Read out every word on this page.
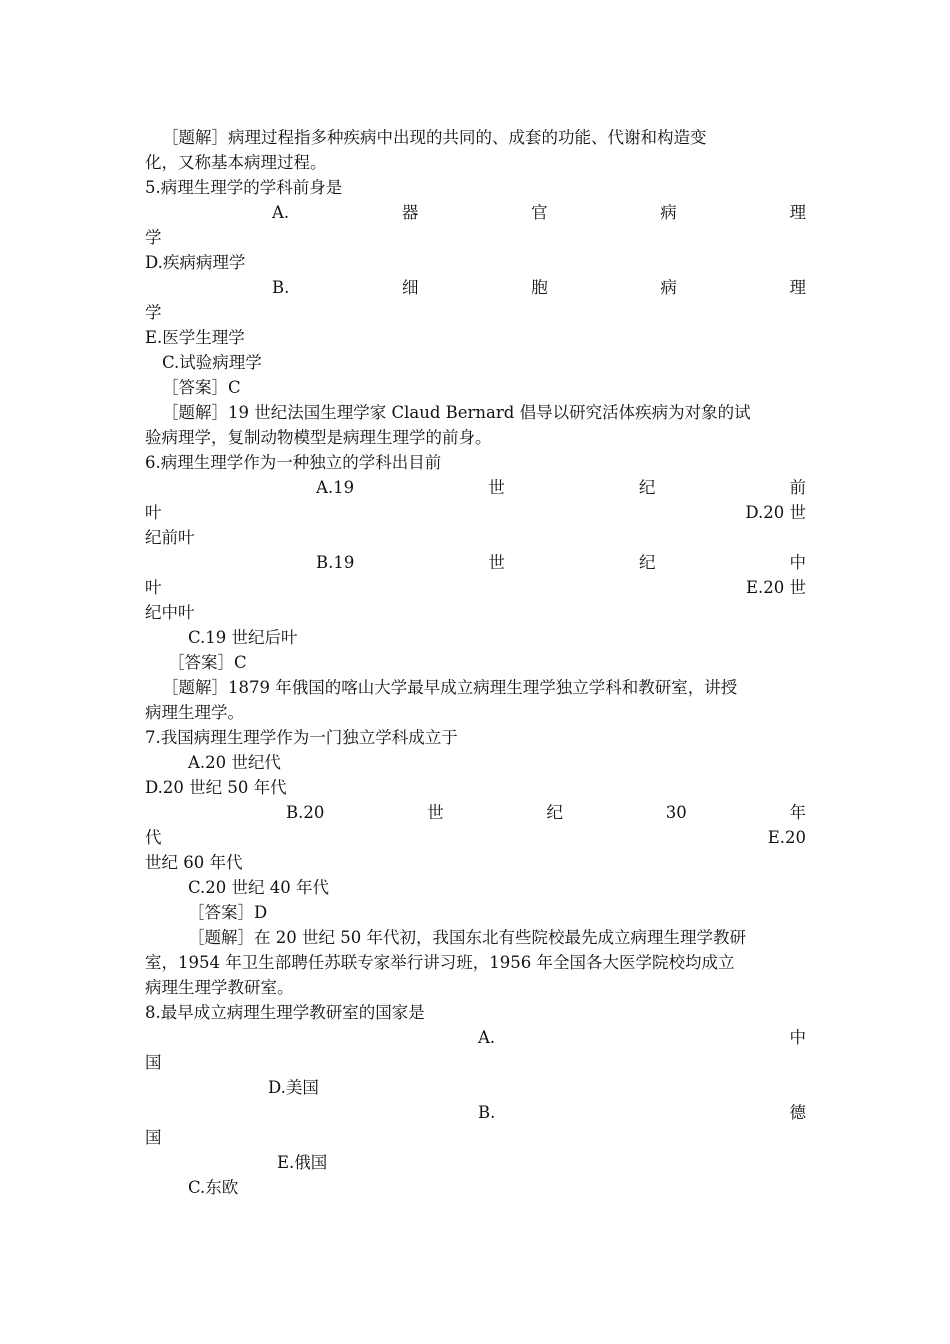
［题解］病理过程指多种疾病中出现的共同的、成套的功能、代谢和构造变
化，又称基本病理过程。
5.病理生理学的学科前身是
A.	器	官	病	理
学
D.疾病病理学
B.	细	胞	病	理
学
E.医学生理学
C.试验病理学
［答案］C
［题解］19 世纪法国生理学家 Claud Bernard 倡导以研究活体疾病为对象的试
验病理学，复制动物模型是病理生理学的前身。
6.病理生理学作为一种独立的学科出目前
A.19	世	纪	前
叶	D.20 世
纪前叶
B.19	世	纪	中
叶	E.20 世
纪中叶
C.19 世纪后叶
［答案］C
［题解］1879 年俄国的喀山大学最早成立病理生理学独立学科和教研室，讲授
病理生理学。
7.我国病理生理学作为一门独立学科成立于
A.20 世纪代
D.20 世纪 50 年代
B.20	世	纪	30	年
代	E.20
世纪 60 年代
C.20 世纪 40 年代
［答案］D
［题解］在 20 世纪 50 年代初，我国东北有些院校最先成立病理生理学教研
室，1954 年卫生部聘任苏联专家举行讲习班，1956 年全国各大医学院校均成立
病理生理学教研室。
8.最早成立病理生理学教研室的国家是
A.	中
国
D.美国
B.	德
国
E.俄国
C.东欧
